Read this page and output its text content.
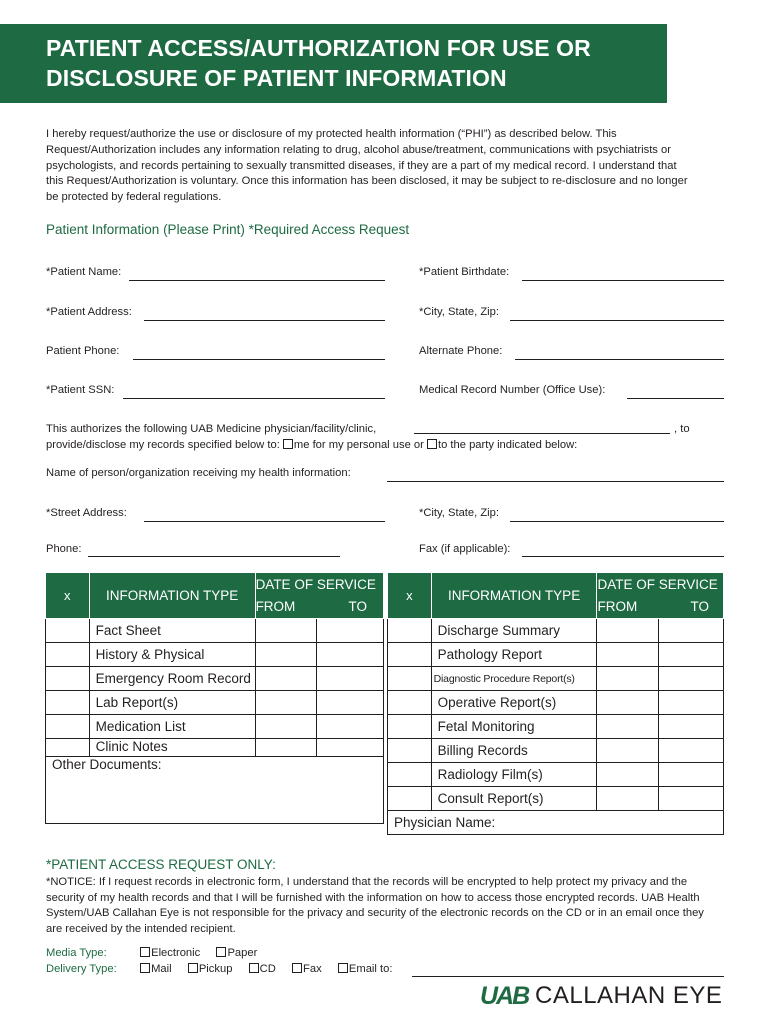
PATIENT ACCESS/AUTHORIZATION FOR USE OR
DISCLOSURE OF PATIENT INFORMATION
I hereby request/authorize the use or disclosure of my protected health information (“PHI”) as described below. This Request/Authorization includes any information relating to drug, alcohol abuse/treatment, communications with psychiatrists or psychologists, and records pertaining to sexually transmitted diseases, if they are a part of my medical record. I understand that this Request/Authorization is voluntary. Once this information has been disclosed, it may be subject to re-disclosure and no longer be protected by federal regulations.
Patient Information (Please Print) *Required Access Request
*Patient Name:	*Patient Birthdate:
*Patient Address:	*City, State, Zip:
Patient Phone:	Alternate Phone:
*Patient SSN:	Medical Record Number (Office Use):
This authorizes the following UAB Medicine physician/facility/clinic,	, to
provide/disclose my records specified below to: me for my personal use or to the party indicated below:
Name of person/organization receiving my health information:
*Street Address:	*City, State, Zip:
Phone:	Fax (if applicable):
x	INFORMATION TYPE	DATE OF SERVICE	
		FROM	TO
	Fact Sheet		
	History & Physical		
	Emergency Room Record		
	Lab Report(s)		
	Medication List		
	Clinic Notes		
Other Documents:			
x	INFORMATION TYPE	DATE OF SERVICE	
		FROM	TO
	Discharge Summary		
	Pathology Report		
	Diagnostic Procedure Report(s)		
	Operative Report(s)		
	Fetal Monitoring		
	Billing Records		
	Radiology Film(s)		
	Consult Report(s)		
Physician Name:			
*PATIENT ACCESS REQUEST ONLY:
*NOTICE: If I request records in electronic form, I understand that the records will be encrypted to help protect my privacy and the security of my health records and that I will be furnished with the information on how to access those encrypted records. UAB Health System/UAB Callahan Eye is not responsible for the privacy and security of the electronic records on the CD or in an email once they are received by the intended recipient.
Media Type:	Electronic Paper
Delivery Type:	Mail Pickup CD Fax Email to:
UAB CALLAHAN EYE
